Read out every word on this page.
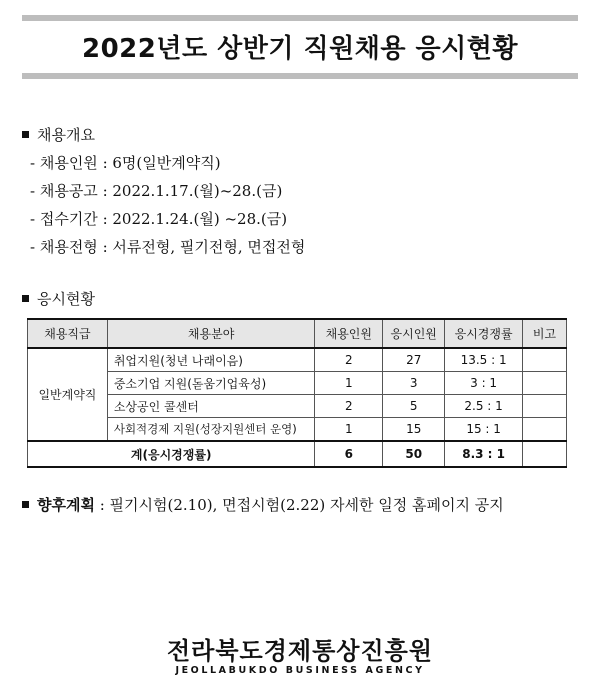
2022년도 상반기 직원채용 응시현황
채용개요
- 채용인원 : 6명(일반계약직)
- 채용공고 : 2022.1.17.(월)~28.(금)
- 접수기간 : 2022.1.24.(월) ~28.(금)
- 채용전형 : 서류전형, 필기전형, 면접전형
응시현황
채용직급	채용분야	채용인원	응시인원	응시경쟁률	비고
일반계약직	취업지원(청년 나래이음)	2	27	13.5 : 1	
	중소기업 지원(돋움기업육성)	1	3	3 : 1	
	소상공인 콜센터	2	5	2.5 : 1	
	사회적경제 지원(성장지원센터 운영)	1	15	15 : 1	
계(응시경쟁률)		6	50	8.3 : 1	
향후계획 : 필기시험(2.10), 면접시험(2.22) 자세한 일정 홈페이지 공지
전라북도경제통상진흥원
JEOLLABUKDO BUSINESS AGENCY
